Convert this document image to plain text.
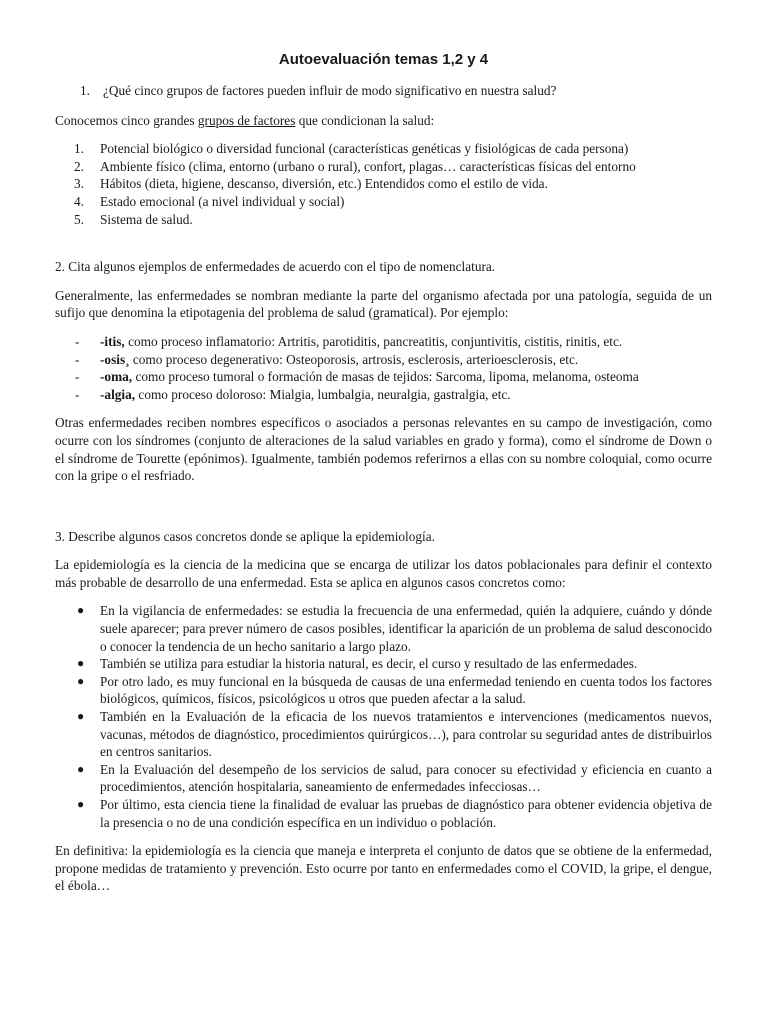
Autoevaluación temas 1,2 y 4
1. ¿Qué cinco grupos de factores pueden influir de modo significativo en nuestra salud?

Conocemos cinco grandes grupos de factores que condicionan la salud:

1.	Potencial biológico o diversidad funcional (características genéticas y fisiológicas de cada persona)
2.	Ambiente físico (clima, entorno (urbano o rural), confort, plagas… características físicas del entorno
3.	Hábitos (dieta, higiene, descanso, diversión, etc.) Entendidos como el estilo de vida.
4.	Estado emocional (a nivel individual y social)
5.	Sistema de salud.

2. Cita algunos ejemplos de enfermedades de acuerdo con el tipo de nomenclatura.

Generalmente, las enfermedades se nombran mediante la parte del organismo afectada por una patología, seguida de un sufijo que denomina la etipotagenia del problema de salud (gramatical). Por ejemplo:

-	-itis, como proceso inflamatorio: Artritis, parotiditis, pancreatitis, conjuntivitis, cistitis, rinitis, etc.
-	-osis¸ como proceso degenerativo: Osteoporosis, artrosis, esclerosis, arterioesclerosis, etc.
-	-oma, como proceso tumoral o formación de masas de tejidos: Sarcoma, lipoma, melanoma, osteoma
-	-algia, como proceso doloroso: Mialgia, lumbalgia, neuralgia, gastralgia, etc.

Otras enfermedades reciben nombres específicos o asociados a personas relevantes en su campo de investigación, como ocurre con los síndromes (conjunto de alteraciones de la salud variables en grado y forma), como el síndrome de Down o el síndrome de Tourette (epónimos). Igualmente, también podemos referirnos a ellas con su nombre coloquial, como ocurre con la gripe o el resfriado.

3. Describe algunos casos concretos donde se aplique la epidemiología.

La epidemiología es la ciencia de la medicina que se encarga de utilizar los datos poblacionales para definir el contexto más probable de desarrollo de una enfermedad. Esta se aplica en algunos casos concretos como:

●	En la vigilancia de enfermedades: se estudia la frecuencia de una enfermedad, quién la adquiere, cuándo y dónde suele aparecer; para prever número de casos posibles, identificar la aparición de un problema de salud desconocido o conocer la tendencia de un hecho sanitario a largo plazo.
●	También se utiliza para estudiar la historia natural, es decir, el curso y resultado de las enfermedades.
●	Por otro lado, es muy funcional en la búsqueda de causas de una enfermedad teniendo en cuenta todos los factores biológicos, químicos, físicos, psicológicos u otros que pueden afectar a la salud.
●	También en la Evaluación de la eficacia de los nuevos tratamientos e intervenciones (medicamentos nuevos, vacunas, métodos de diagnóstico, procedimientos quirúrgicos…), para controlar su seguridad antes de distribuirlos en centros sanitarios.
●	En la Evaluación del desempeño de los servicios de salud, para conocer su efectividad y eficiencia en cuanto a procedimientos, atención hospitalaria, saneamiento de enfermedades infecciosas…
●	Por último, esta ciencia tiene la finalidad de evaluar las pruebas de diagnóstico para obtener evidencia objetiva de la presencia o no de una condición específica en un individuo o población.

En definitiva: la epidemiología es la ciencia que maneja e interpreta el conjunto de datos que se obtiene de la enfermedad, propone medidas de tratamiento y prevención. Esto ocurre por tanto en enfermedades como el COVID, la gripe, el dengue, el ébola…
